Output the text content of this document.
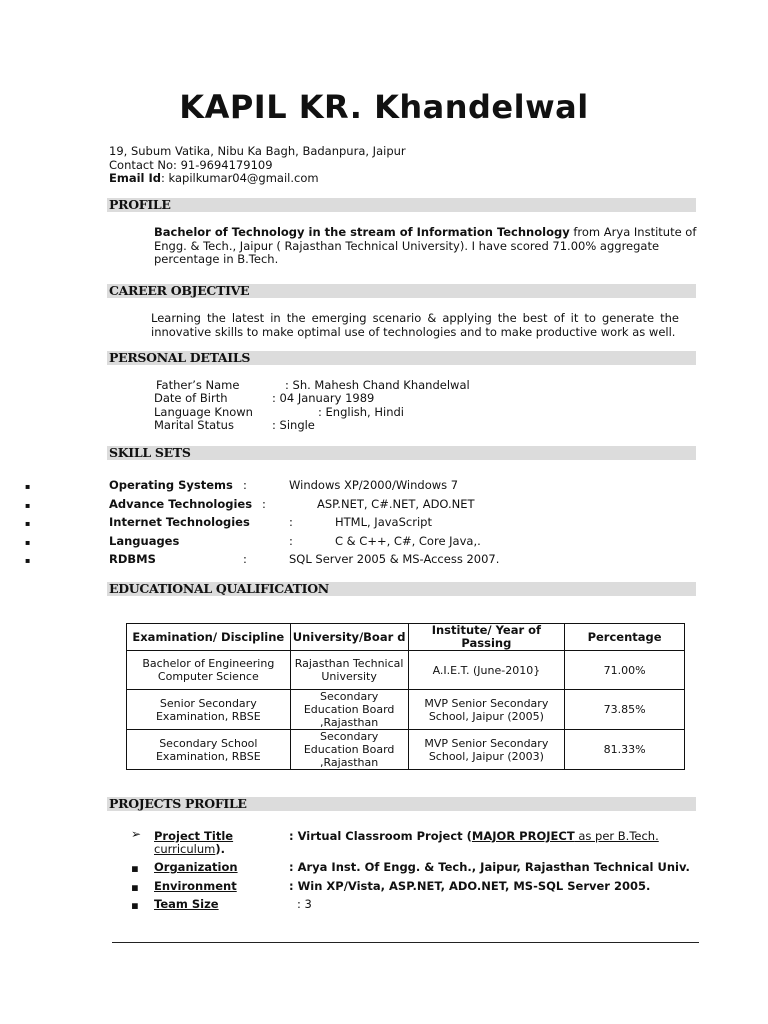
KAPIL KR. Khandelwal
19, Subum Vatika, Nibu Ka Bagh, Badanpura, Jaipur
Contact No: 91-9694179109
Email Id: kapilkumar04@gmail.com
PROFILE
Bachelor of Technology in the stream of Information Technology from Arya Institute of
Engg. & Tech., Jaipur ( Rajasthan Technical University). I have scored 71.00% aggregate
percentage in B.Tech.
CAREER OBJECTIVE
Learning the latest in the emerging scenario & applying the best of it to generate the
innovative skills to make optimal use of technologies and to make productive work as well.
PERSONAL DETAILS
Father’s Name	: Sh. Mahesh Chand Khandelwal
Date of Birth	: 04 January 1989
Language Known	: English, Hindi
Marital Status	: Single
SKILL SETS
▪	Operating Systems :	Windows XP/2000/Windows 7
▪	Advance Technologies :	ASP.NET, C#.NET, ADO.NET
▪	Internet Technologies	:	HTML, JavaScript
▪	Languages	:	C & C++, C#, Core Java,.
▪	RDBMS	:	SQL Server 2005 & MS-Access 2007.
EDUCATIONAL QUALIFICATION
Examination/ Discipline	University/Boar d	Institute/ Year of Passing	Percentage
Bachelor of Engineering Computer Science	Rajasthan Technical University	A.I.E.T. (June-2010}	71.00%
Senior Secondary Examination, RBSE	Secondary Education Board ,Rajasthan	MVP Senior Secondary School, Jaipur (2005)	73.85%
Secondary School Examination, RBSE	Secondary Education Board ,Rajasthan	MVP Senior Secondary School, Jaipur (2003)	81.33%
PROJECTS PROFILE
➢ Project Title	: Virtual Classroom Project (MAJOR PROJECT as per B.Tech.
curriculum).
▪ Organization	: Arya Inst. Of Engg. & Tech., Jaipur, Rajasthan Technical Univ.
▪ Environment	: Win XP/Vista, ASP.NET, ADO.NET, MS-SQL Server 2005.
▪ Team Size	: 3
